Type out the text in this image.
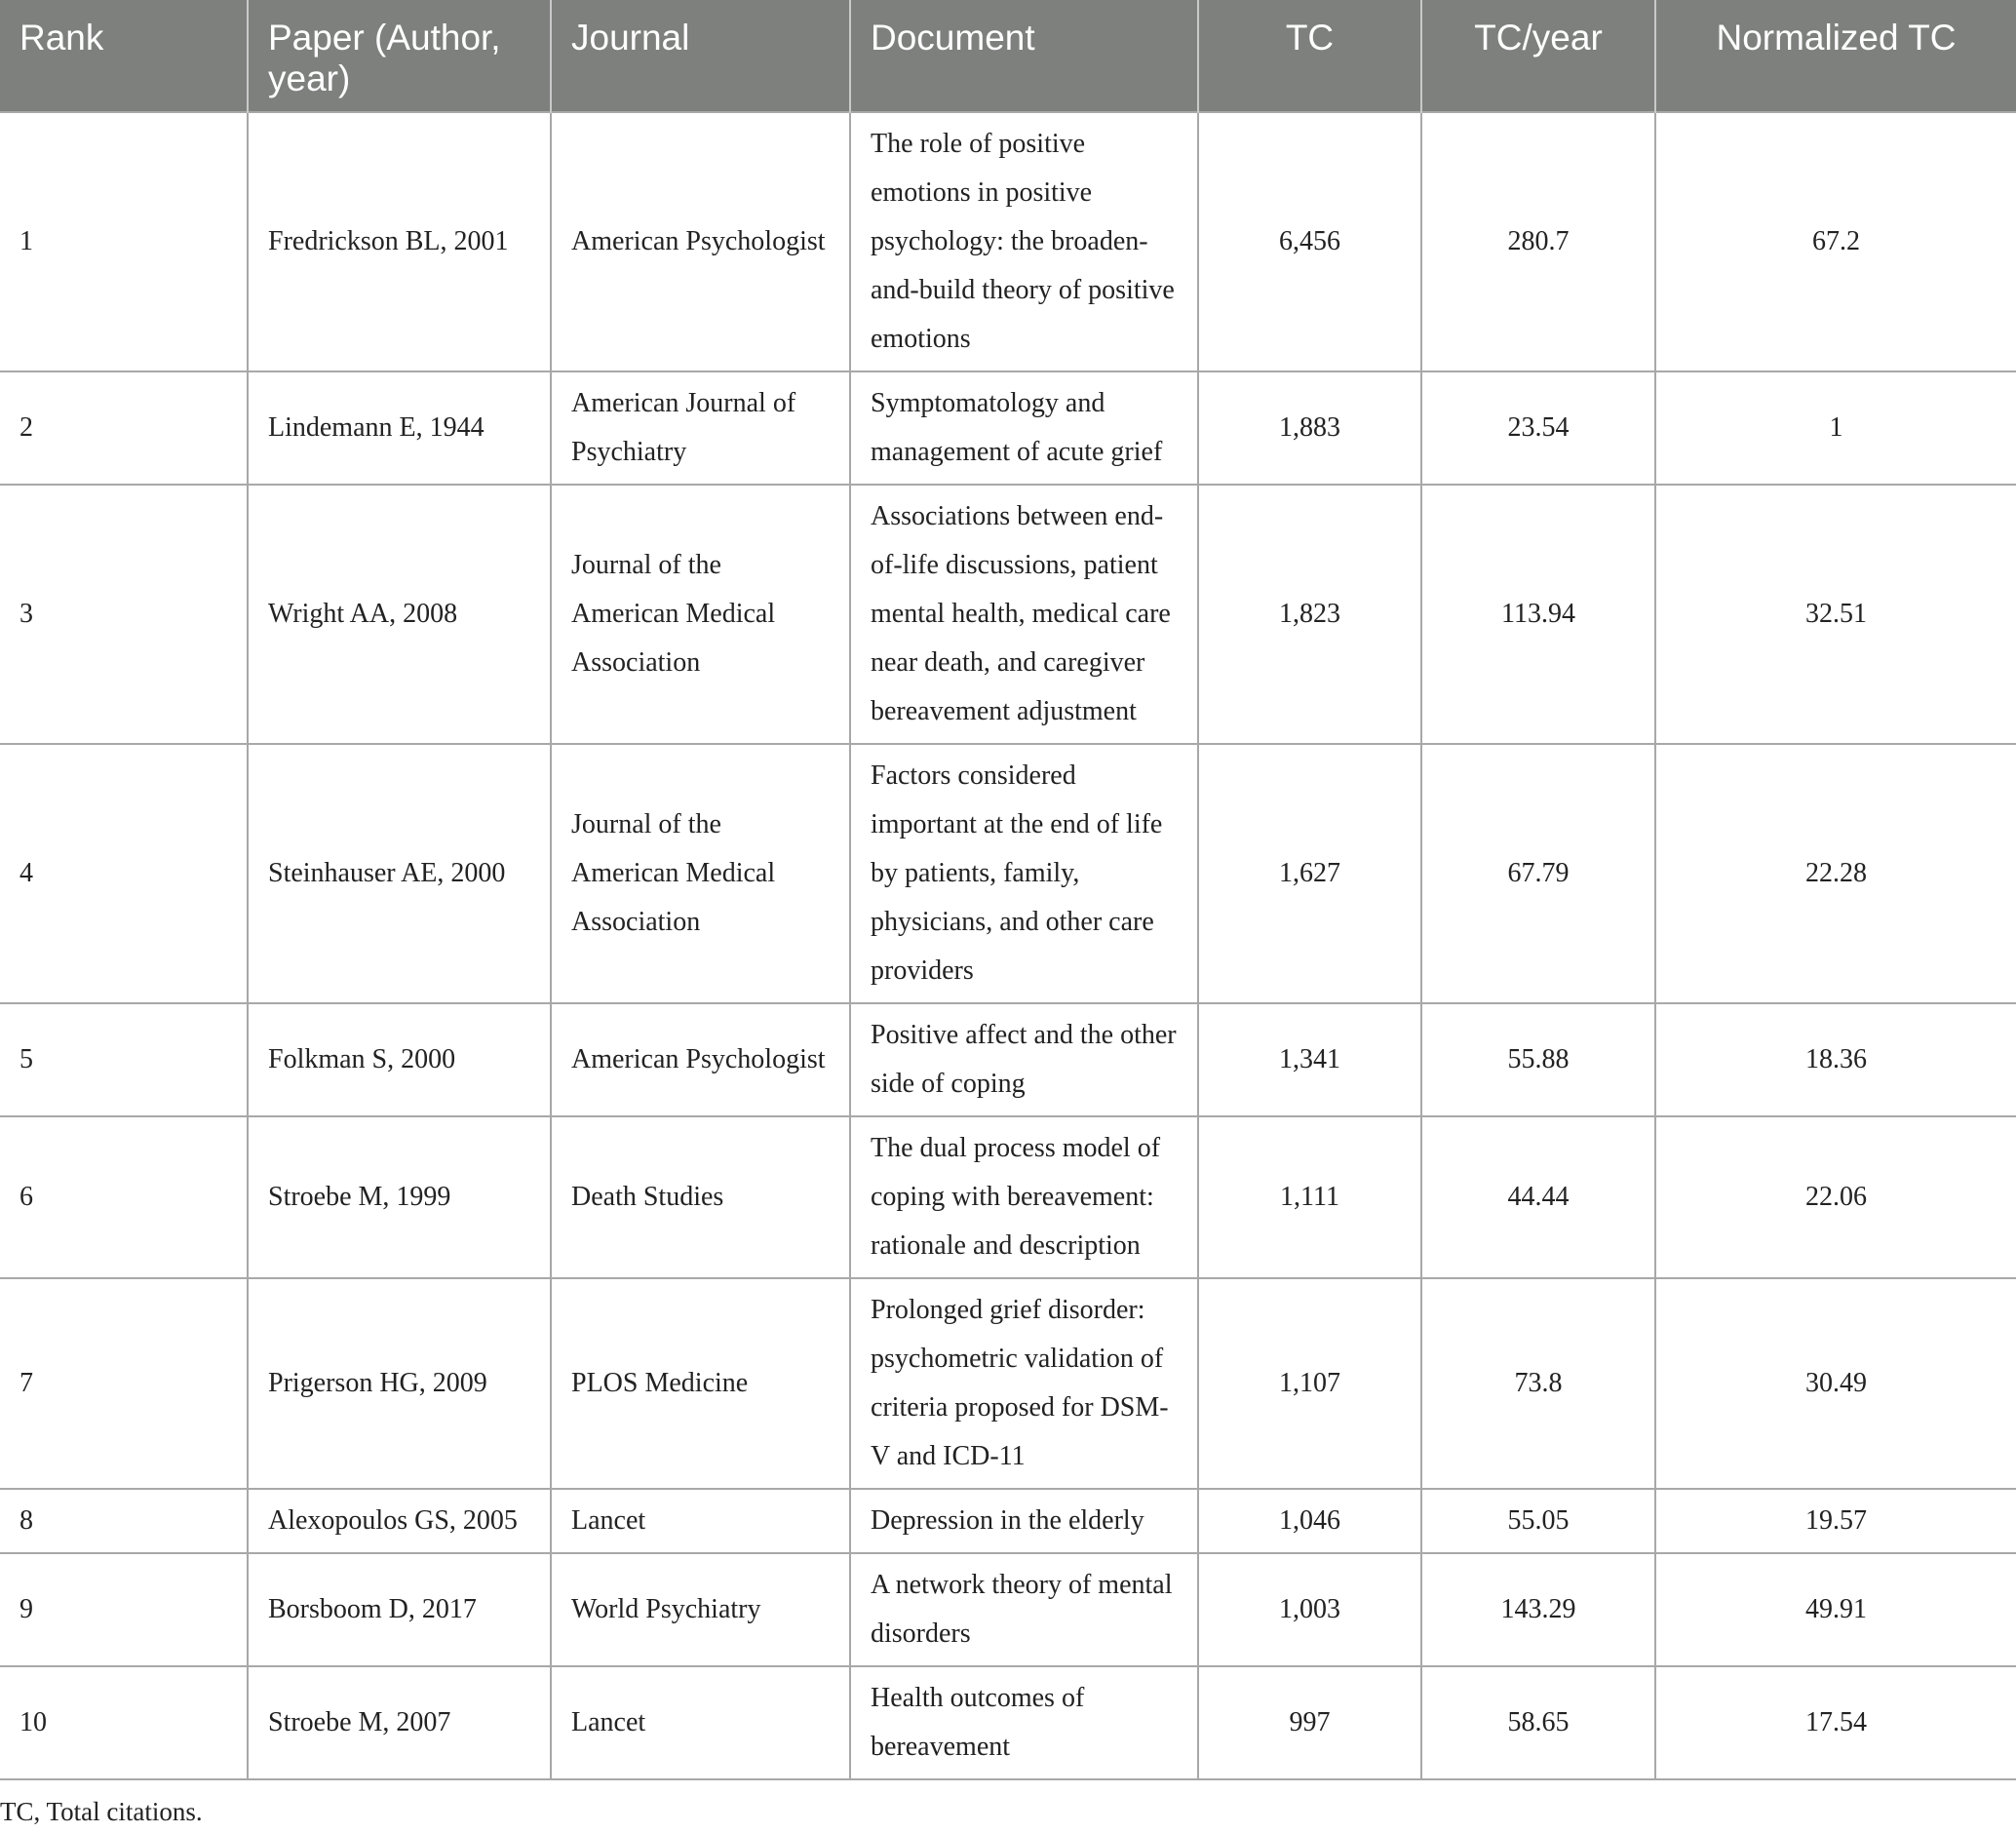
Rank	Paper (Author, year)	Journal	Document	TC	TC/year	Normalized TC
1	Fredrickson BL, 2001	American Psychologist	The role of positive emotions in positive psychology: the broaden-and-build theory of positive emotions	6,456	280.7	67.2
2	Lindemann E, 1944	American Journal of Psychiatry	Symptomatology and management of acute grief	1,883	23.54	1
3	Wright AA, 2008	Journal of the American Medical Association	Associations between end-of-life discussions, patient mental health, medical care near death, and caregiver bereavement adjustment	1,823	113.94	32.51
4	Steinhauser AE, 2000	Journal of the American Medical Association	Factors considered important at the end of life by patients, family, physicians, and other care providers	1,627	67.79	22.28
5	Folkman S, 2000	American Psychologist	Positive affect and the other side of coping	1,341	55.88	18.36
6	Stroebe M, 1999	Death Studies	The dual process model of coping with bereavement: rationale and description	1,111	44.44	22.06
7	Prigerson HG, 2009	PLOS Medicine	Prolonged grief disorder: psychometric validation of criteria proposed for DSM-V and ICD-11	1,107	73.8	30.49
8	Alexopoulos GS, 2005	Lancet	Depression in the elderly	1,046	55.05	19.57
9	Borsboom D, 2017	World Psychiatry	A network theory of mental disorders	1,003	143.29	49.91
10	Stroebe M, 2007	Lancet	Health outcomes of bereavement	997	58.65	17.54
TC, Total citations.
